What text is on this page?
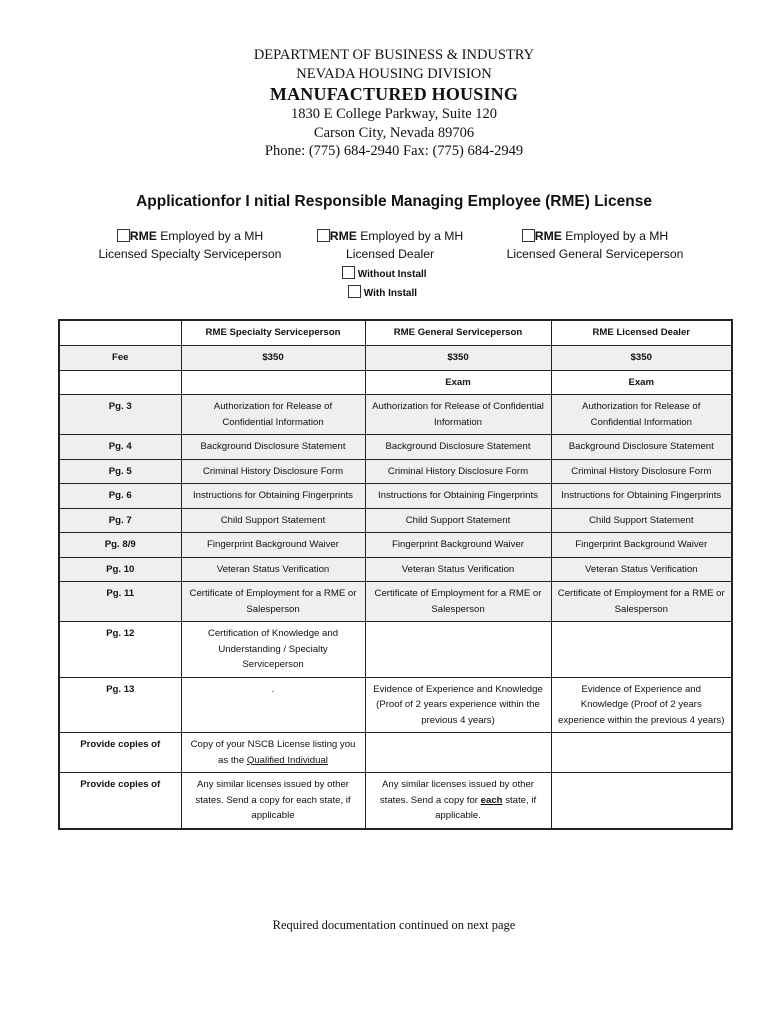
DEPARTMENT OF BUSINESS & INDUSTRY
NEVADA HOUSING DIVISION
MANUFACTURED HOUSING
1830 E College Parkway, Suite 120
Carson City, Nevada 89706
Phone: (775) 684-2940 Fax: (775) 684-2949
Applicationfor I nitial Responsible Managing Employee (RME) License
RME Employed by a MH
Licensed Specialty Serviceperson
RME Employed by a MH
Licensed Dealer
RME Employed by a MH
Licensed General Serviceperson
Without Install
With Install
	RME Specialty Serviceperson	RME General Serviceperson	RME Licensed Dealer
Fee	$350	$350	$350
		Exam	Exam
Pg. 3	Authorization for Release of Confidential Information	Authorization for Release of Confidential Information	Authorization for Release of Confidential Information
Pg. 4	Background Disclosure Statement	Background Disclosure Statement	Background Disclosure Statement
Pg. 5	Criminal History Disclosure Form	Criminal History Disclosure Form	Criminal History Disclosure Form
Pg. 6	Instructions for Obtaining Fingerprints	Instructions for Obtaining Fingerprints	Instructions for Obtaining Fingerprints
Pg. 7	Child Support Statement	Child Support Statement	Child Support Statement
Pg. 8/9	Fingerprint Background Waiver	Fingerprint Background Waiver	Fingerprint Background Waiver
Pg. 10	Veteran Status Verification	Veteran Status Verification	Veteran Status Verification
Pg. 11	Certificate of Employment for a RME or Salesperson	Certificate of Employment for a RME or Salesperson	Certificate of Employment for a RME or Salesperson
Pg. 12	Certification of Knowledge and Understanding / Specialty Serviceperson		
Pg. 13	.	Evidence of Experience and Knowledge (Proof of 2 years experience within the previous 4 years)	Evidence of Experience and Knowledge (Proof of 2 years experience within the previous 4 years)
Provide copies of	Copy of your NSCB License listing you as the Qualified Individual		
Provide copies of	Any similar licenses issued by other states. Send a copy for each state, if applicable	Any similar licenses issued by other states. Send a copy for each state, if applicable.	
Required documentation continued on next page
